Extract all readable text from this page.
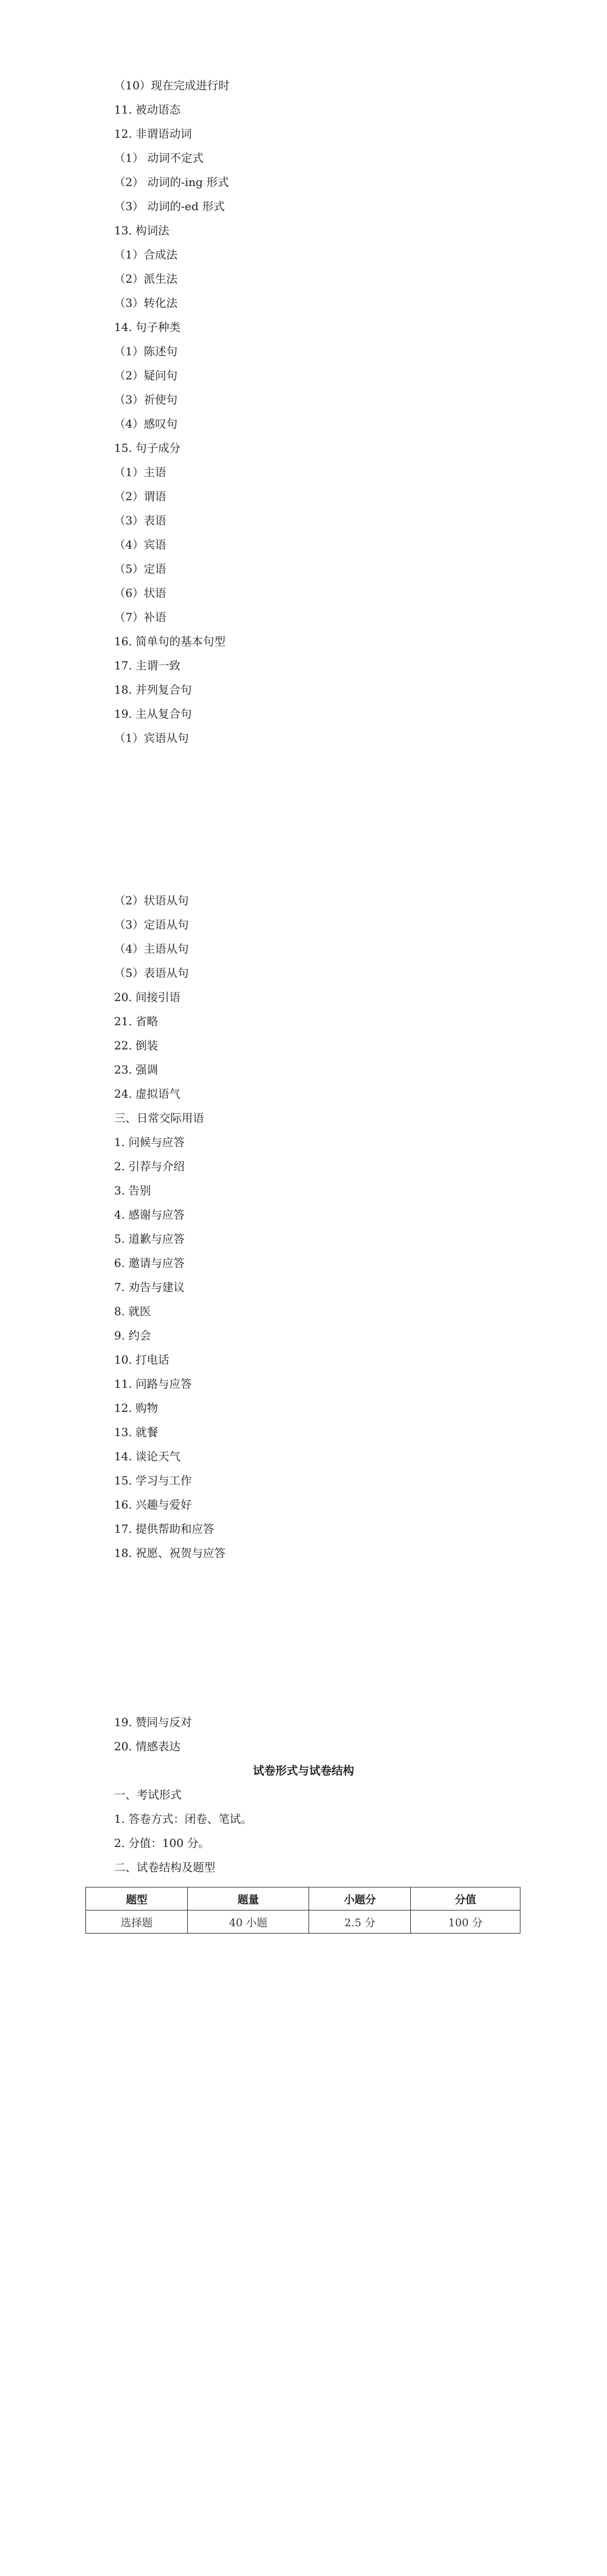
（10）现在完成进行时
11. 被动语态
12. 非谓语动词
（1） 动词不定式
（2） 动词的-ing 形式
（3） 动词的-ed 形式
13. 构词法
（1）合成法
（2）派生法
（3）转化法
14. 句子种类
（1）陈述句
（2）疑问句
（3）祈使句
（4）感叹句
15. 句子成分
（1）主语
（2）谓语
（3）表语
（4）宾语
（5）定语
（6）状语
（7）补语
16. 简单句的基本句型
17. 主谓一致
18. 并列复合句
19. 主从复合句
（1）宾语从句
（2）状语从句
（3）定语从句
（4）主语从句
（5）表语从句
20. 间接引语
21. 省略
22. 倒装
23. 强调
24. 虚拟语气
三、日常交际用语
1. 问候与应答
2. 引荐与介绍
3. 告别
4. 感谢与应答
5. 道歉与应答
6. 邀请与应答
7. 劝告与建议
8. 就医
9. 约会
10. 打电话
11. 问路与应答
12. 购物
13. 就餐
14. 谈论天气
15. 学习与工作
16. 兴趣与爱好
17. 提供帮助和应答
18. 祝愿、祝贺与应答
19. 赞同与反对
20. 情感表达
试卷形式与试卷结构
一、考试形式
1. 答卷方式：闭卷、笔试。
2. 分值：100 分。
二、试卷结构及题型
题型	题量	小题分	分值
选择题	40 小题	2.5 分	100 分
